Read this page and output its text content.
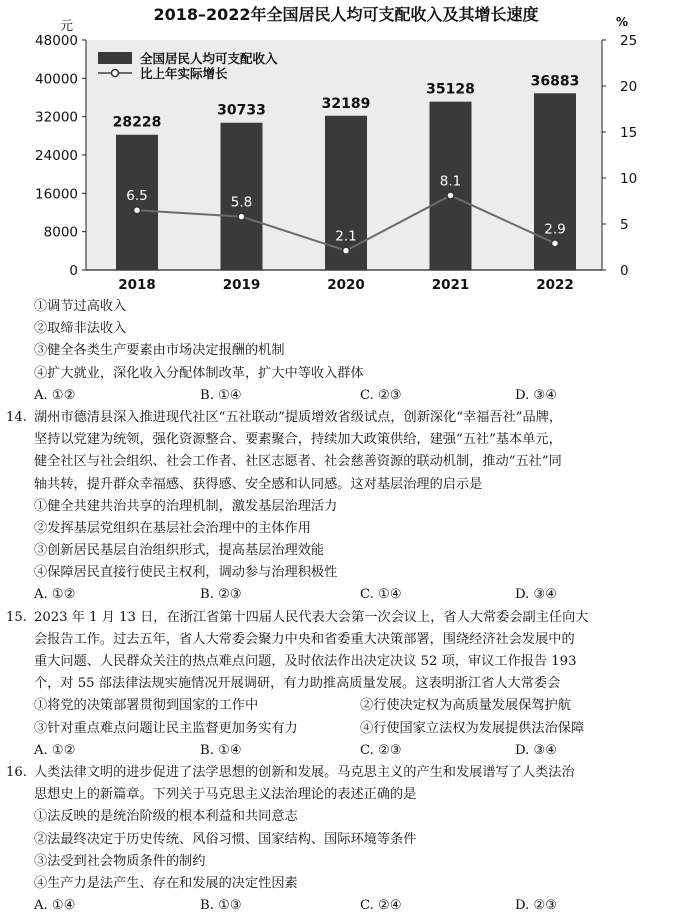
2018–2022年全国居民人均可支配收入及其增长速度
0
8000
16000
24000
32000
40000
48000
0
5
10
15
20
25
元	%
28228
30733	32189
35128
36883
2018	2019	2020	2021	2022
6.5	5.8
2.1
8.1
2.9
全国居民人均可支配收入
比上年实际增长
①调节过高收入
②取缔非法收入
③健全各类生产要素由市场决定报酬的机制
④扩大就业，深化收入分配体制改革，扩大中等收入群体
A. ①②	B. ①④	C. ②③	D. ③④
14. 湖州市德清县深入推进现代社区“五社联动”提质增效省级试点，创新深化“幸福吾社”品牌，
坚持以党建为统领，强化资源整合、要素聚合，持续加大政策供给，建强“五社”基本单元，
健全社区与社会组织、社会工作者、社区志愿者、社会慈善资源的联动机制，推动“五社”同
轴共转，提升群众幸福感、获得感、安全感和认同感。这对基层治理的启示是
①健全共建共治共享的治理机制，激发基层治理活力
②发挥基层党组织在基层社会治理中的主体作用
③创新居民基层自治组织形式，提高基层治理效能
④保障居民直接行使民主权利，调动参与治理积极性
A. ①②	B. ②③	C. ①④	D. ③④
15. 2023 年 1 月 13 日，在浙江省第十四届人民代表大会第一次会议上，省人大常委会副主任向大
会报告工作。过去五年，省人大常委会聚力中央和省委重大决策部署，围绕经济社会发展中的
重大问题、人民群众关注的热点难点问题，及时依法作出决定决议 52 项，审议工作报告 193
个，对 55 部法律法规实施情况开展调研，有力助推高质量发展。这表明浙江省人大常委会
①将党的决策部署贯彻到国家的工作中	②行使决定权为高质量发展保驾护航
③针对重点难点问题让民主监督更加务实有力	④行使国家立法权为发展提供法治保障
A. ①②	B. ①④	C. ②③	D. ③④
16. 人类法律文明的进步促进了法学思想的创新和发展。马克思主义的产生和发展谱写了人类法治
思想史上的新篇章。下列关于马克思主义法治理论的表述正确的是
①法反映的是统治阶级的根本利益和共同意志
②法最终决定于历史传统、风俗习惯、国家结构、国际环境等条件
③法受到社会物质条件的制约
④生产力是法产生、存在和发展的决定性因素
A. ①④	B. ①③	C. ②④	D. ②③
